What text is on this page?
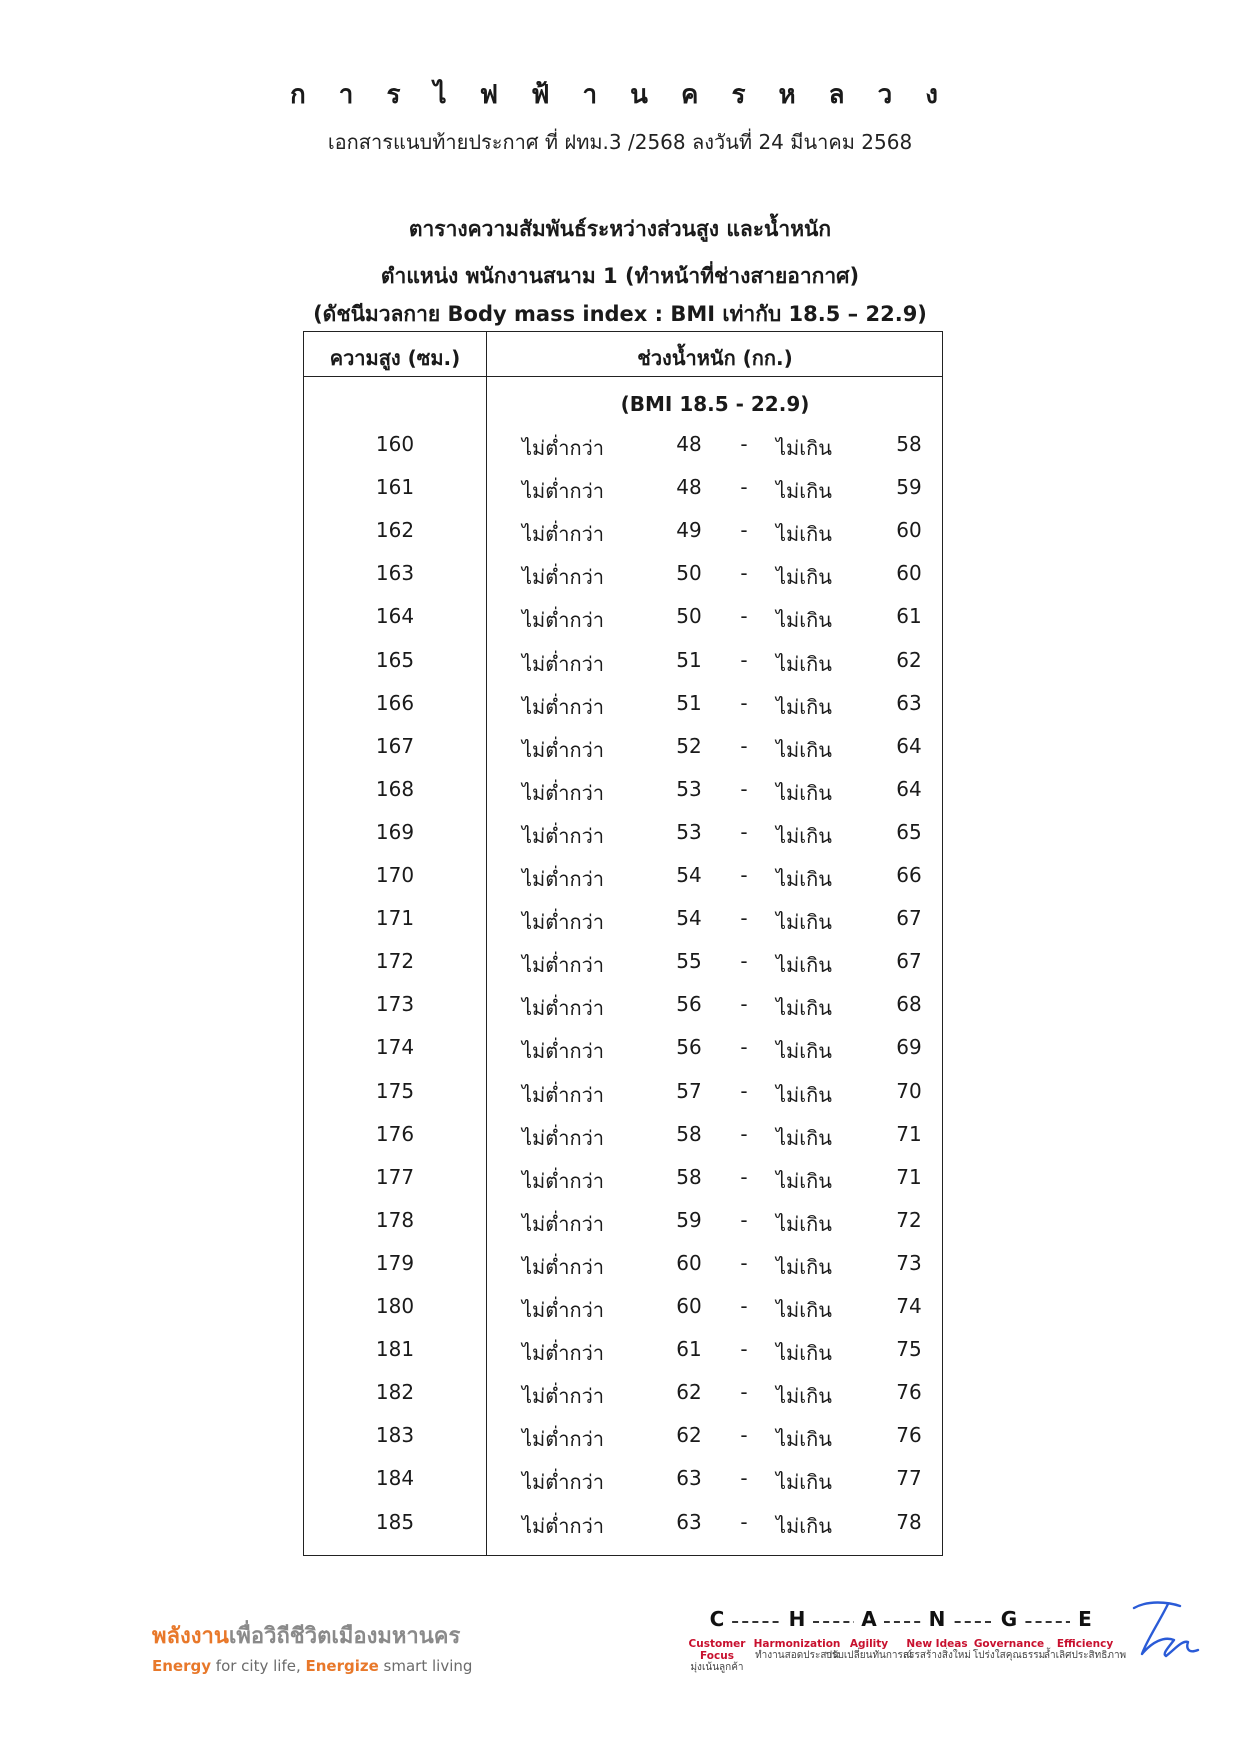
ก า ร ไ ฟ ฟ้ า น ค ร ห ล ว ง
เอกสารแนบท้ายประกาศ ที่ ฝทม.3 /2568 ลงวันที่ 24 มีนาคม 2568
ตารางความสัมพันธ์ระหว่างส่วนสูง และน้ำหนัก
ตำแหน่ง พนักงานสนาม 1 (ทำหน้าที่ช่างสายอากาศ)
(ดัชนีมวลกาย Body mass index : BMI เท่ากับ 18.5 – 22.9)
ความสูง (ซม.)	ช่วงน้ำหนัก (กก.)
(BMI 18.5 - 22.9)
160	ไม่ต่ำกว่า	48	-	ไม่เกิน	58
161	ไม่ต่ำกว่า	48	-	ไม่เกิน	59
162	ไม่ต่ำกว่า	49	-	ไม่เกิน	60
163	ไม่ต่ำกว่า	50	-	ไม่เกิน	60
164	ไม่ต่ำกว่า	50	-	ไม่เกิน	61
165	ไม่ต่ำกว่า	51	-	ไม่เกิน	62
166	ไม่ต่ำกว่า	51	-	ไม่เกิน	63
167	ไม่ต่ำกว่า	52	-	ไม่เกิน	64
168	ไม่ต่ำกว่า	53	-	ไม่เกิน	64
169	ไม่ต่ำกว่า	53	-	ไม่เกิน	65
170	ไม่ต่ำกว่า	54	-	ไม่เกิน	66
171	ไม่ต่ำกว่า	54	-	ไม่เกิน	67
172	ไม่ต่ำกว่า	55	-	ไม่เกิน	67
173	ไม่ต่ำกว่า	56	-	ไม่เกิน	68
174	ไม่ต่ำกว่า	56	-	ไม่เกิน	69
175	ไม่ต่ำกว่า	57	-	ไม่เกิน	70
176	ไม่ต่ำกว่า	58	-	ไม่เกิน	71
177	ไม่ต่ำกว่า	58	-	ไม่เกิน	71
178	ไม่ต่ำกว่า	59	-	ไม่เกิน	72
179	ไม่ต่ำกว่า	60	-	ไม่เกิน	73
180	ไม่ต่ำกว่า	60	-	ไม่เกิน	74
181	ไม่ต่ำกว่า	61	-	ไม่เกิน	75
182	ไม่ต่ำกว่า	62	-	ไม่เกิน	76
183	ไม่ต่ำกว่า	62	-	ไม่เกิน	76
184	ไม่ต่ำกว่า	63	-	ไม่เกิน	77
185	ไม่ต่ำกว่า	63	-	ไม่เกิน	78
พลังงานเพื่อวิถีชีวิตเมืองมหานคร
Energy for city life, Energize smart living
C	H	A	N	G	E
Customer Focus
มุ่งเน้นลูกค้า
Harmonization
ทำงานสอดประสาน
Agility
ปรับเปลี่ยนทันการณ์
New Ideas
สรรสร้างสิ่งใหม่
Governance
โปร่งใสคุณธรรม
Efficiency
ล้ำเลิศประสิทธิภาพ
